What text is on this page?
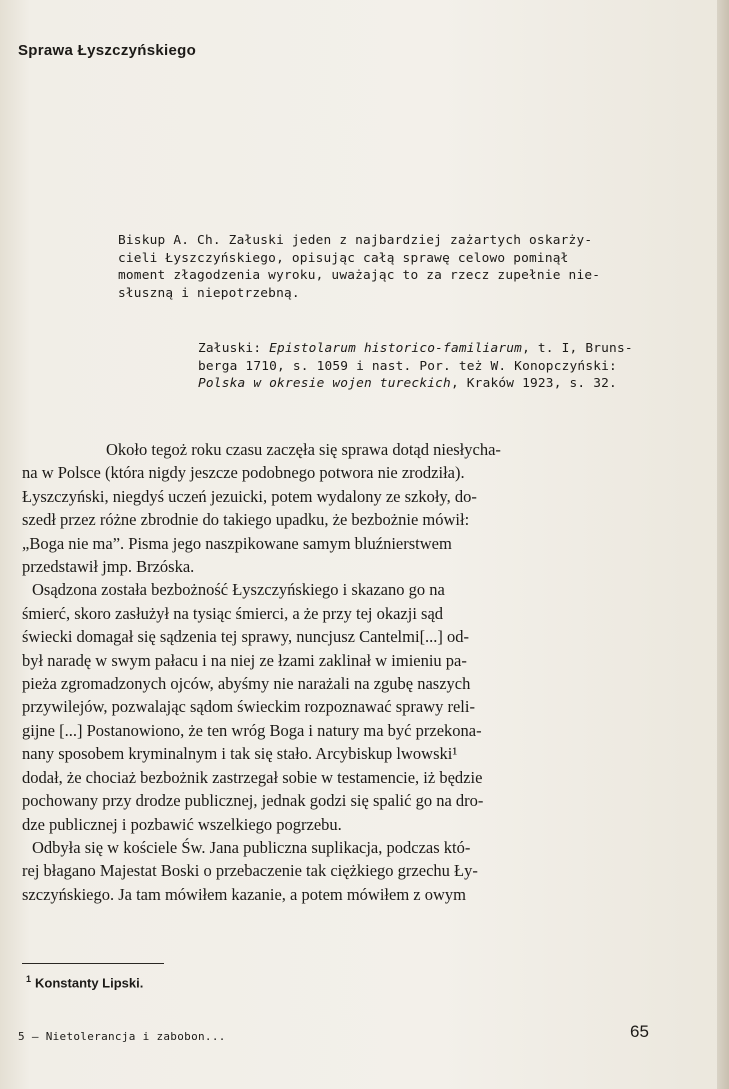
Sprawa Łyszczyńskiego
Biskup A. Ch. Załuski jeden z najbardziej zażartych oskarży-
cieli Łyszczyńskiego, opisując całą sprawę celowo pominął
moment złagodzenia wyroku, uważając to za rzecz zupełnie nie-
słuszną i niepotrzebną.
Załuski: Epistolarum historico-familiarum, t. I, Bruns-
berga 1710, s. 1059 i nast. Por. też W. Konopczyński:
Polska w okresie wojen tureckich, Kraków 1923, s. 32.
Około tegoż roku czasu zaczęła się sprawa dotąd niesłycha-
na w Polsce (która nigdy jeszcze podobnego potwora nie zrodziła).
Łyszczyński, niegdyś uczeń jezuicki, potem wydalony ze szkoły, do-
szedł przez różne zbrodnie do takiego upadku, że bezbożnie mówił:
„Boga nie ma”. Pisma jego naszpikowane samym bluźnierstwem
przedstawił jmp. Brzóska.
Osądzona została bezbożność Łyszczyńskiego i skazano go na
śmierć, skoro zasłużył na tysiąc śmierci, a że przy tej okazji sąd
świecki domagał się sądzenia tej sprawy, nuncjusz Cantelmi[...] od-
był naradę w swym pałacu i na niej ze łzami zaklinał w imieniu pa-
pieża zgromadzonych ojców, abyśmy nie narażali na zgubę naszych
przywilejów, pozwalając sądom świeckim rozpoznawać sprawy reli-
gijne [...] Postanowiono, że ten wróg Boga i natury ma być przekona-
nany sposobem kryminalnym i tak się stało. Arcybiskup lwowski¹
dodał, że chociaż bezbożnik zastrzegał sobie w testamencie, iż będzie
pochowany przy drodze publicznej, jednak godzi się spalić go na dro-
dze publicznej i pozbawić wszelkiego pogrzebu.
Odbyła się w kościele Św. Jana publiczna suplikacja, podczas któ-
rej błagano Majestat Boski o przebaczenie tak ciężkiego grzechu Ły-
szczyńskiego. Ja tam mówiłem kazanie, a potem mówiłem z owym

$^1$ Konstanty Lipski.

5 — Nietolerancja i zabobon...	65
